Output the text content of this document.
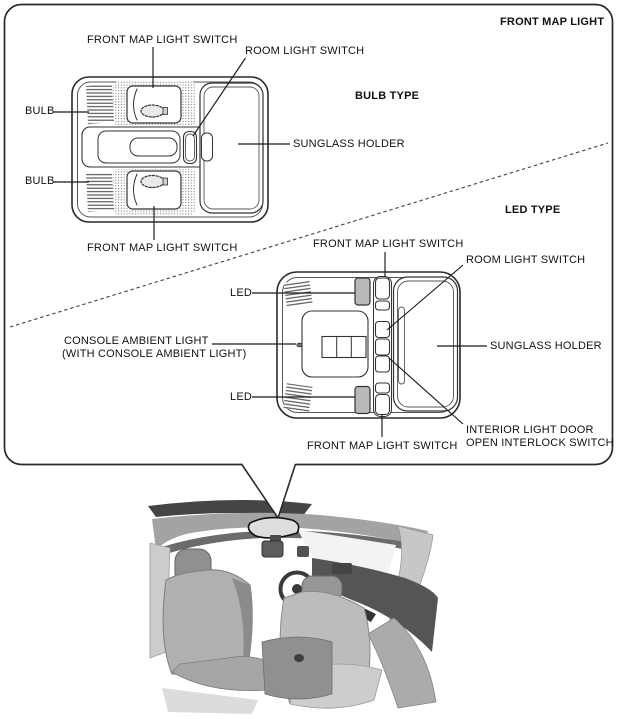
FRONT MAP LIGHT
FRONT MAP LIGHT SWITCH
ROOM LIGHT SWITCH
BULB
BULB TYPE
SUNGLASS HOLDER
BULB
FRONT MAP LIGHT SWITCH
LED TYPE
FRONT MAP LIGHT SWITCH
ROOM LIGHT SWITCH
LED
CONSOLE AMBIENT LIGHT
(WITH CONSOLE AMBIENT LIGHT)
SUNGLASS HOLDER
LED
INTERIOR LIGHT DOOR
OPEN INTERLOCK SWITCH
FRONT MAP LIGHT SWITCH
